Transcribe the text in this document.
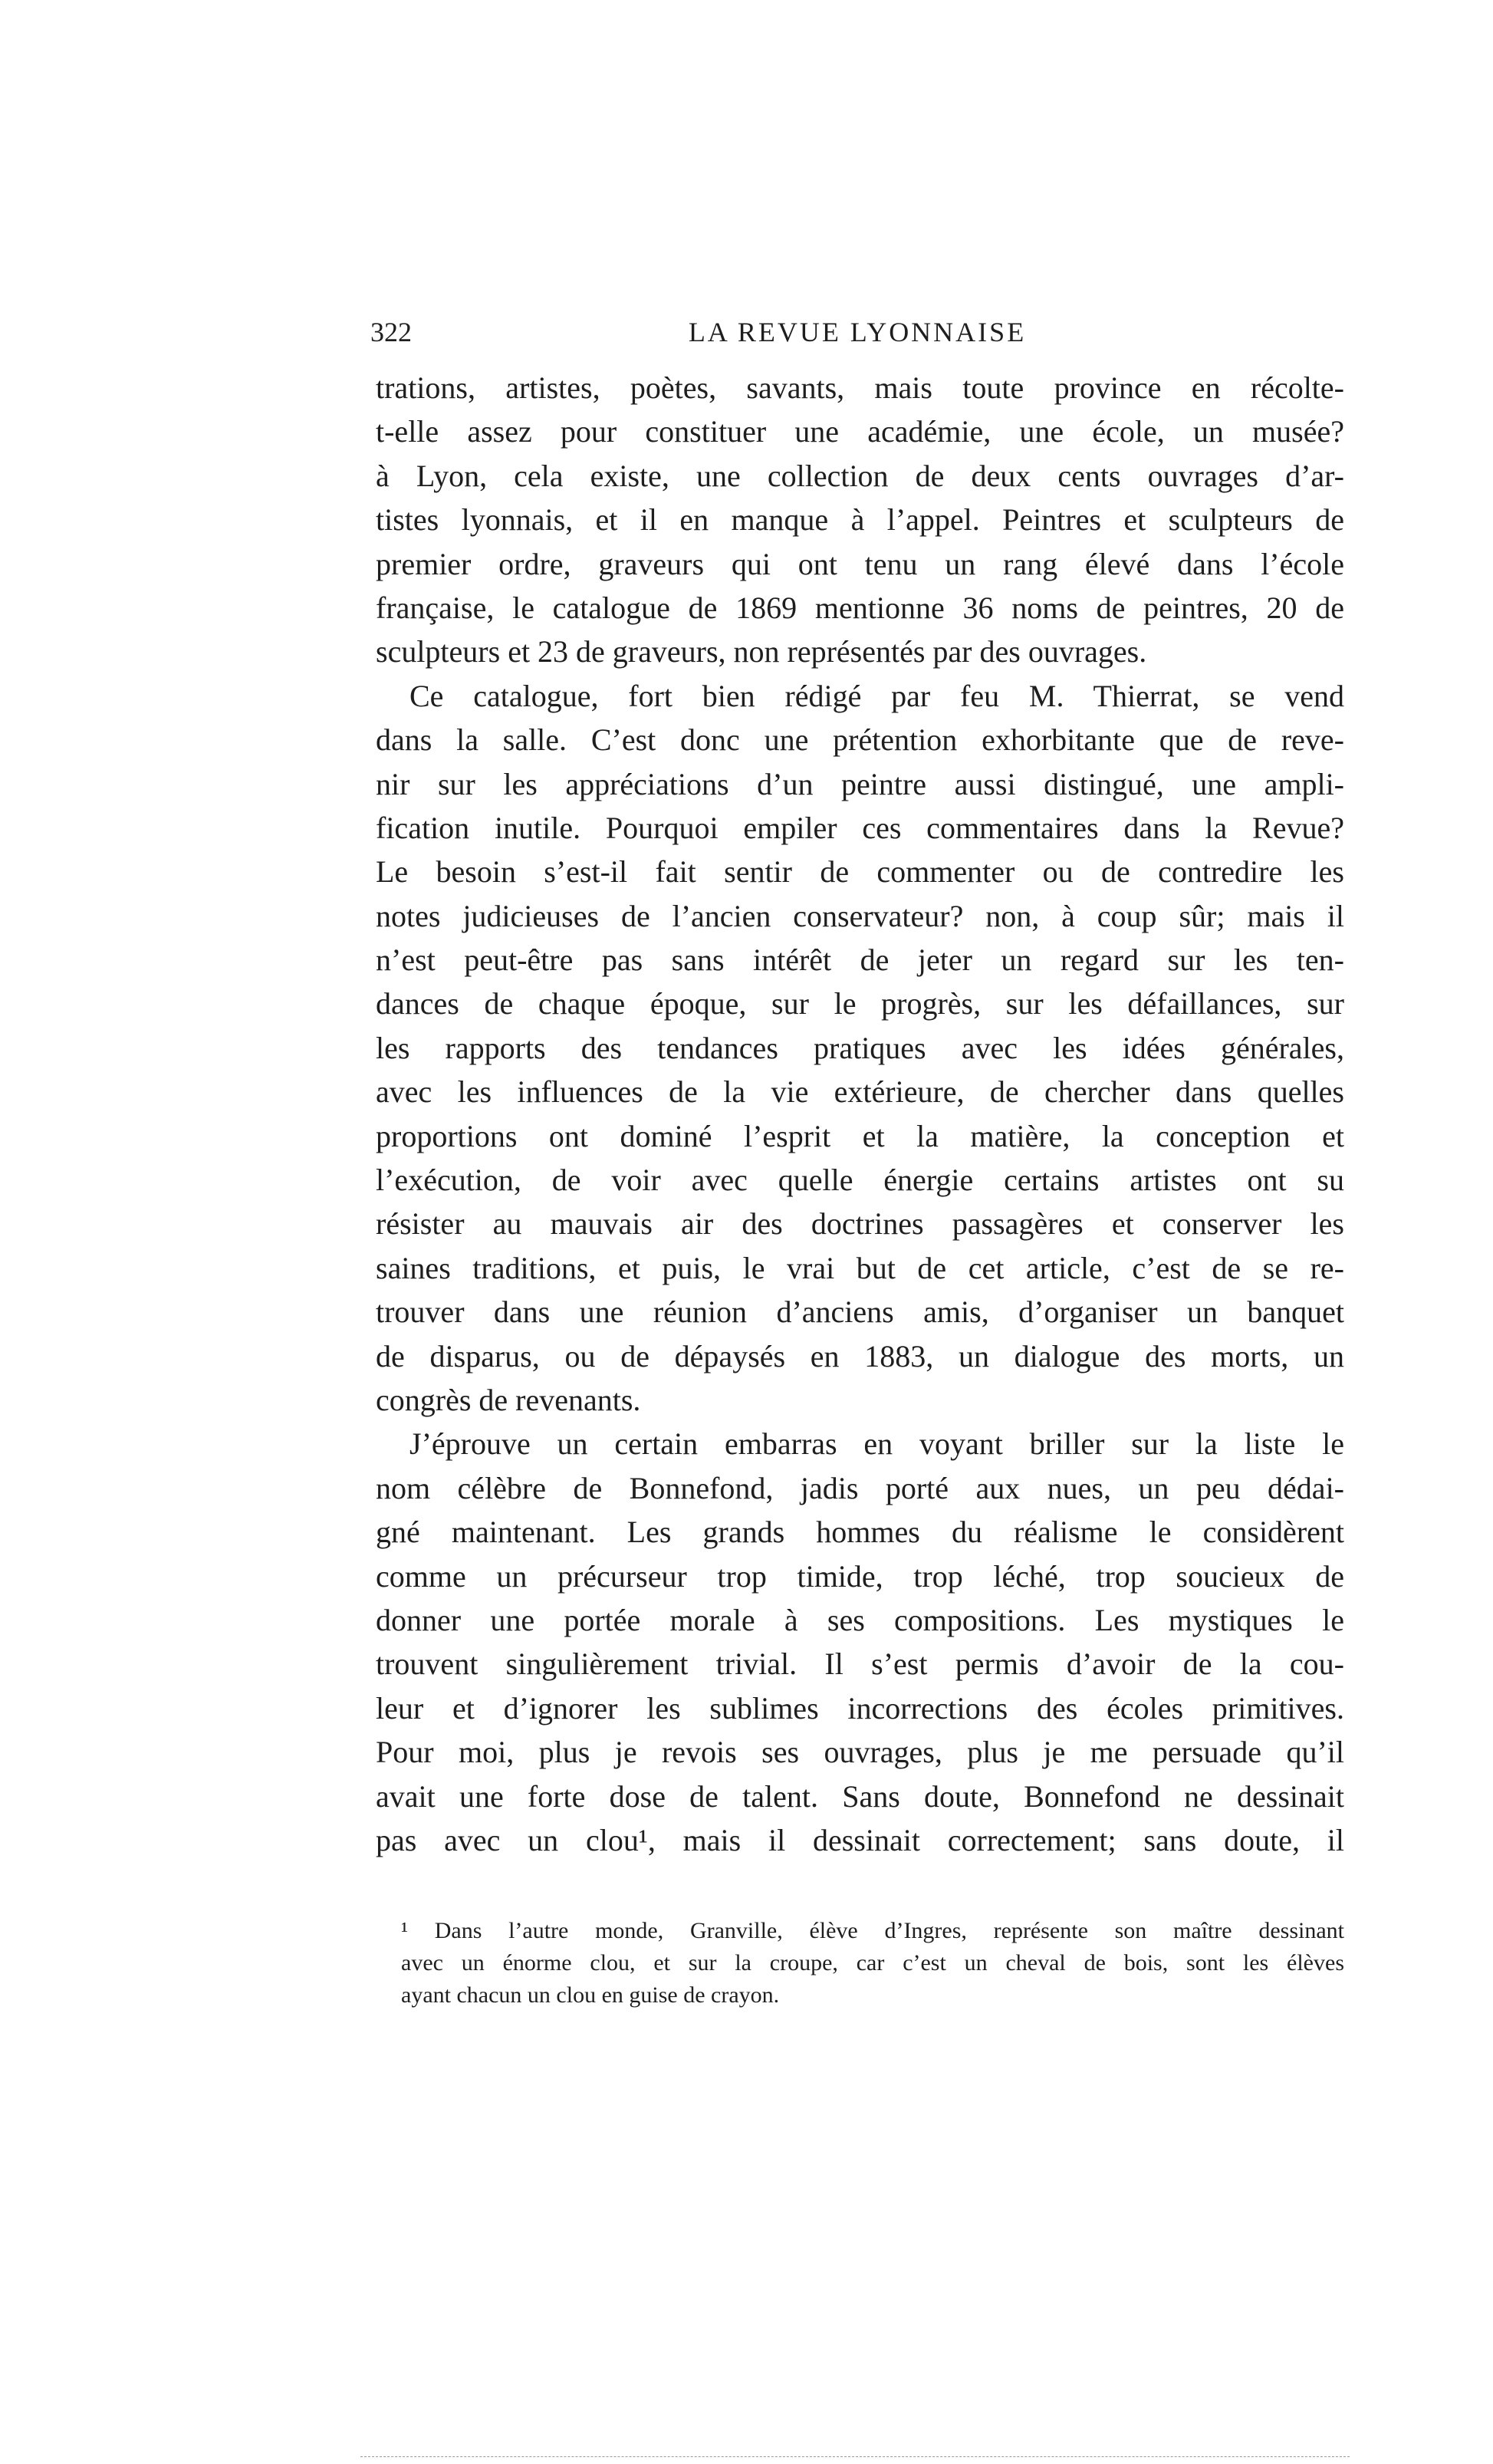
322	LA REVUE LYONNAISE
trations, artistes, poètes, savants, mais toute province en récolte-
t-elle assez pour constituer une académie, une école, un musée?
à Lyon, cela existe, une collection de deux cents ouvrages d’ar-
tistes lyonnais, et il en manque à l’appel. Peintres et sculpteurs de
premier ordre, graveurs qui ont tenu un rang élevé dans l’école
française, le catalogue de 1869 mentionne 36 noms de peintres, 20 de
sculpteurs et 23 de graveurs, non représentés par des ouvrages.
Ce catalogue, fort bien rédigé par feu M. Thierrat, se vend
dans la salle. C’est donc une prétention exhorbitante que de reve-
nir sur les appréciations d’un peintre aussi distingué, une ampli-
fication inutile. Pourquoi empiler ces commentaires dans la Revue?
Le besoin s’est-il fait sentir de commenter ou de contredire les
notes judicieuses de l’ancien conservateur? non, à coup sûr; mais il
n’est peut-être pas sans intérêt de jeter un regard sur les ten-
dances de chaque époque, sur le progrès, sur les défaillances, sur
les rapports des tendances pratiques avec les idées générales,
avec les influences de la vie extérieure, de chercher dans quelles
proportions ont dominé l’esprit et la matière, la conception et
l’exécution, de voir avec quelle énergie certains artistes ont su
résister au mauvais air des doctrines passagères et conserver les
saines traditions, et puis, le vrai but de cet article, c’est de se re-
trouver dans une réunion d’anciens amis, d’organiser un banquet
de disparus, ou de dépaysés en 1883, un dialogue des morts, un
congrès de revenants.
J’éprouve un certain embarras en voyant briller sur la liste le
nom célèbre de Bonnefond, jadis porté aux nues, un peu dédai-
gné maintenant. Les grands hommes du réalisme le considèrent
comme un précurseur trop timide, trop léché, trop soucieux de
donner une portée morale à ses compositions. Les mystiques le
trouvent singulièrement trivial. Il s’est permis d’avoir de la cou-
leur et d’ignorer les sublimes incorrections des écoles primitives.
Pour moi, plus je revois ses ouvrages, plus je me persuade qu’il
avait une forte dose de talent. Sans doute, Bonnefond ne dessinait
pas avec un clou¹, mais il dessinait correctement; sans doute, il
¹ Dans l’autre monde, Granville, élève d’Ingres, représente son maître dessinant
avec un énorme clou, et sur la croupe, car c’est un cheval de bois, sont les élèves
ayant chacun un clou en guise de crayon.
